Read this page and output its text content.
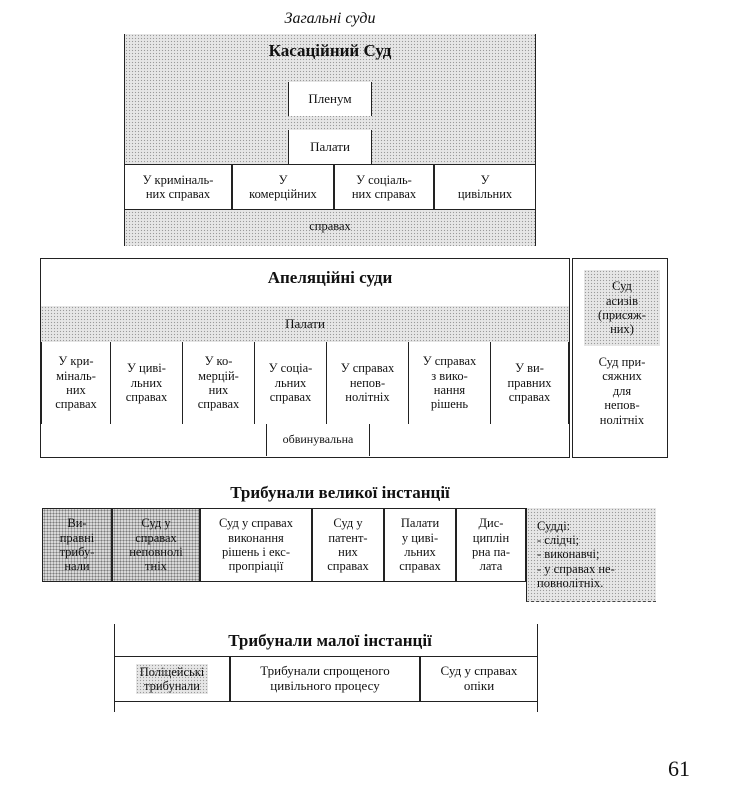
Загальні суди
Касаційний Суд
Пленум
Палати
У криміналь-
них справах
У
комерційних
У соціаль-
них справах
У
цивільних
справах
Апеляційні суди
Палати
У кри-
міналь-
них
справах
У циві-
льних
справах
У ко-
мерцій-
них
справах
У соціа-
льних
справах
У справах
непов-
нолітніх
У справах
з вико-
нання
рішень
У ви-
правних
справах
обвинувальна
Суд
асизів
(присяж-
них)
Суд при-
сяжних
для
непов-
нолітніх
Трибунали великої інстанції
Ви-
правні
трибу-
нали
Суд у
справах
неповнолі
тніх
Суд у справах
виконання
рішень і екс-
пропріації
Суд у
патент-
них
справах
Палати
у циві-
льних
справах
Дис-
циплін
рна па-
лата
Судді:
- слідчі;
- виконавчі;
- у справах не-
повнолітніх.
Трибунали малої інстанції
Поліцейські
трибунали
Трибунали спрощеного
цивільного процесу
Суд у справах
опіки
61
